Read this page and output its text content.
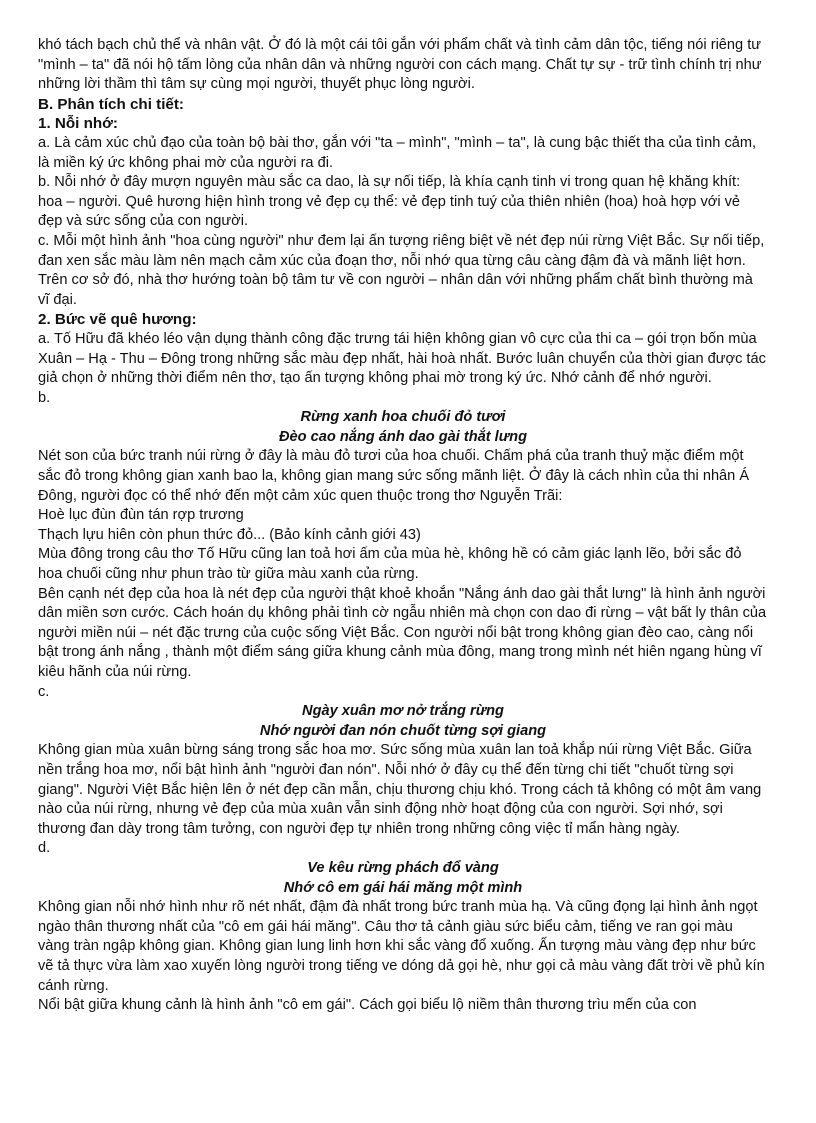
khó tách bạch chủ thể và nhân vật. Ở đó là một cái tôi gắn với phẩm chất và tình cảm dân tộc, tiếng nói riêng tư "mình – ta" đã nói hộ tấm lòng của nhân dân và những người con cách mạng. Chất tự sự - trữ tình chính trị như những lời thầm thì tâm sự cùng mọi người, thuyết phục lòng người.

B. Phân tích chi tiết:

1. Nỗi nhớ:

a. Là cảm xúc chủ đạo của toàn bộ bài thơ, gắn với "ta – mình", "mình – ta", là cung bậc thiết tha của tình cảm, là miền ký ức không phai mờ của người ra đi.

b. Nỗi nhớ ở đây mượn nguyên màu sắc ca dao, là sự nối tiếp, là khía cạnh tinh vi trong quan hệ khăng khít: hoa – người. Quê hương hiện hình trong vẻ đẹp cụ thể: vẻ đẹp tinh tuý của thiên nhiên (hoa) hoà hợp với vẻ đẹp và sức sống của con người.

c. Mỗi một hình ảnh "hoa cùng người" như đem lại ấn tượng riêng biệt về nét đẹp núi rừng Việt Bắc. Sự nối tiếp, đan xen sắc màu làm nên mạch cảm xúc của đoạn thơ, nỗi nhớ qua từng câu càng đậm đà và mãnh liệt hơn. Trên cơ sở đó, nhà thơ hướng toàn bộ tâm tư về con người – nhân dân với những phẩm chất bình thường mà vĩ đại.

2. Bức vẽ quê hương:

a. Tố Hữu đã khéo léo vận dụng thành công đặc trưng tái hiện không gian vô cực của thi ca – gói trọn bốn mùa Xuân – Hạ - Thu – Đông trong những sắc màu đẹp nhất, hài hoà nhất. Bước luân chuyển của thời gian được tác giả chọn ở những thời điểm nên thơ, tạo ấn tượng không phai mờ trong ký ức. Nhớ cảnh để nhớ người.

b.

Rừng xanh hoa chuối đỏ tươi

Đèo cao nắng ánh dao gài thắt lưng

Nét son của bức tranh núi rừng ở đây là màu đỏ tươi của hoa chuối. Chấm phá của tranh thuỷ mặc điểm một sắc đỏ trong không gian xanh bao la, không gian mang sức sống mãnh liệt. Ở đây là cách nhìn của thi nhân Á Đông, người đọc có thể nhớ đến một cảm xúc quen thuộc trong thơ Nguyễn Trãi:

Hoè lục đùn đùn tán rợp trương

Thạch lựu hiên còn phun thức đỏ... (Bảo kính cảnh giới 43)

Mùa đông trong câu thơ Tố Hữu cũng lan toả hơi ấm của mùa hè, không hề có cảm giác lạnh lẽo, bởi sắc đỏ hoa chuối cũng như phun trào từ giữa màu xanh của rừng.

Bên cạnh nét đẹp của hoa là nét đẹp của người thật khoẻ khoắn "Nắng ánh dao gài thắt lưng" là hình ảnh người dân miền sơn cước. Cách hoán dụ không phải tình cờ ngẫu nhiên mà chọn con dao đi rừng – vật bất ly thân của người miền núi – nét đặc trưng của cuộc sống Việt Bắc. Con người nổi bật trong không gian đèo cao, càng nổi bật trong ánh nắng , thành một điểm sáng giữa khung cảnh mùa đông, mang trong mình nét hiên ngang hùng vĩ kiêu hãnh của núi rừng.

c.

Ngày xuân mơ nở trắng rừng

Nhớ người đan nón chuốt từng sợi giang

Không gian mùa xuân bừng sáng trong sắc hoa mơ. Sức sống mùa xuân lan toả khắp núi rừng Việt Bắc. Giữa nền trắng hoa mơ, nổi bật hình ảnh "người đan nón". Nỗi nhớ ở đây cụ thể đến từng chi tiết "chuốt từng sợi giang". Người Việt Bắc hiện lên ở nét đẹp cần mẫn, chịu thương chịu khó. Trong cách tả không có một âm vang nào của núi rừng, nhưng vẻ đẹp của mùa xuân vẫn sinh động nhờ hoạt động của con người. Sợi nhớ, sợi thương đan dày trong tâm tưởng, con người đẹp tự nhiên trong những công việc tỉ mẩn hàng ngày.

d.

Ve kêu rừng phách đổ vàng

Nhớ cô em gái hái măng một mình

Không gian nỗi nhớ hình như rõ nét nhất, đậm đà nhất trong bức tranh mùa hạ. Và cũng đọng lại hình ảnh ngọt ngào thân thương nhất của "cô em gái hái măng". Câu thơ tả cảnh giàu sức biểu cảm, tiếng ve ran gọi màu vàng tràn ngập không gian. Không gian lung linh hơn khi sắc vàng đổ xuống. Ấn tượng màu vàng đẹp như bức vẽ tả thực vừa làm xao xuyến lòng người trong tiếng ve dóng dả gọi hè, như gọi cả màu vàng đất trời về phủ kín cánh rừng.

Nổi bật giữa khung cảnh là hình ảnh "cô em gái". Cách gọi biểu lộ niềm thân thương trìu mến của con
